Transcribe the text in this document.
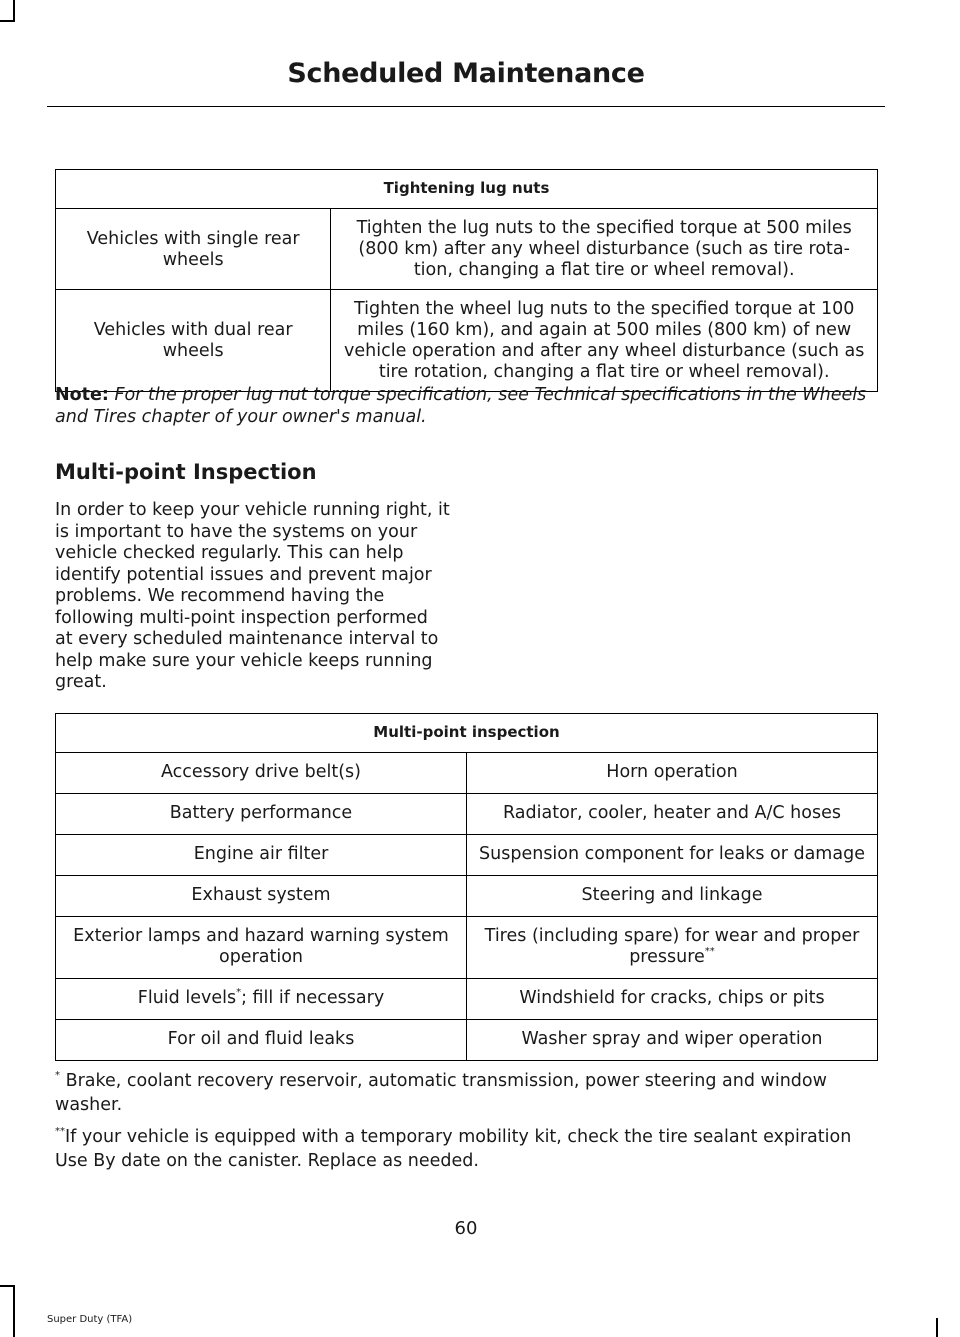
Scheduled Maintenance
Tightening lug nuts	
Vehicles with single rear wheels	Tighten the lug nuts to the specified torque at 500 miles (800 km) after any wheel disturbance (such as tire rota-tion, changing a flat tire or wheel removal).
Vehicles with dual rear wheels	Tighten the wheel lug nuts to the specified torque at 100 miles (160 km), and again at 500 miles (800 km) of new vehicle operation and after any wheel disturbance (such as tire rotation, changing a flat tire or wheel removal).
Note: For the proper lug nut torque specification, see Technical specifications in the Wheels and Tires chapter of your owner's manual.
Multi-point Inspection
In order to keep your vehicle running right, it is important to have the systems on your vehicle checked regularly. This can help identify potential issues and prevent major problems. We recommend having the following multi-point inspection performed at every scheduled maintenance interval to help make sure your vehicle keeps running great.
Multi-point inspection	
Accessory drive belt(s)	Horn operation
Battery performance	Radiator, cooler, heater and A/C hoses
Engine air filter	Suspension component for leaks or damage
Exhaust system	Steering and linkage
Exterior lamps and hazard warning system operation	Tires (including spare) for wear and proper pressure**
Fluid levels*; fill if necessary	Windshield for cracks, chips or pits
For oil and fluid leaks	Washer spray and wiper operation
* Brake, coolant recovery reservoir, automatic transmission, power steering and window washer.
**If your vehicle is equipped with a temporary mobility kit, check the tire sealant expiration Use By date on the canister. Replace as needed.
60
Super Duty (TFA)
